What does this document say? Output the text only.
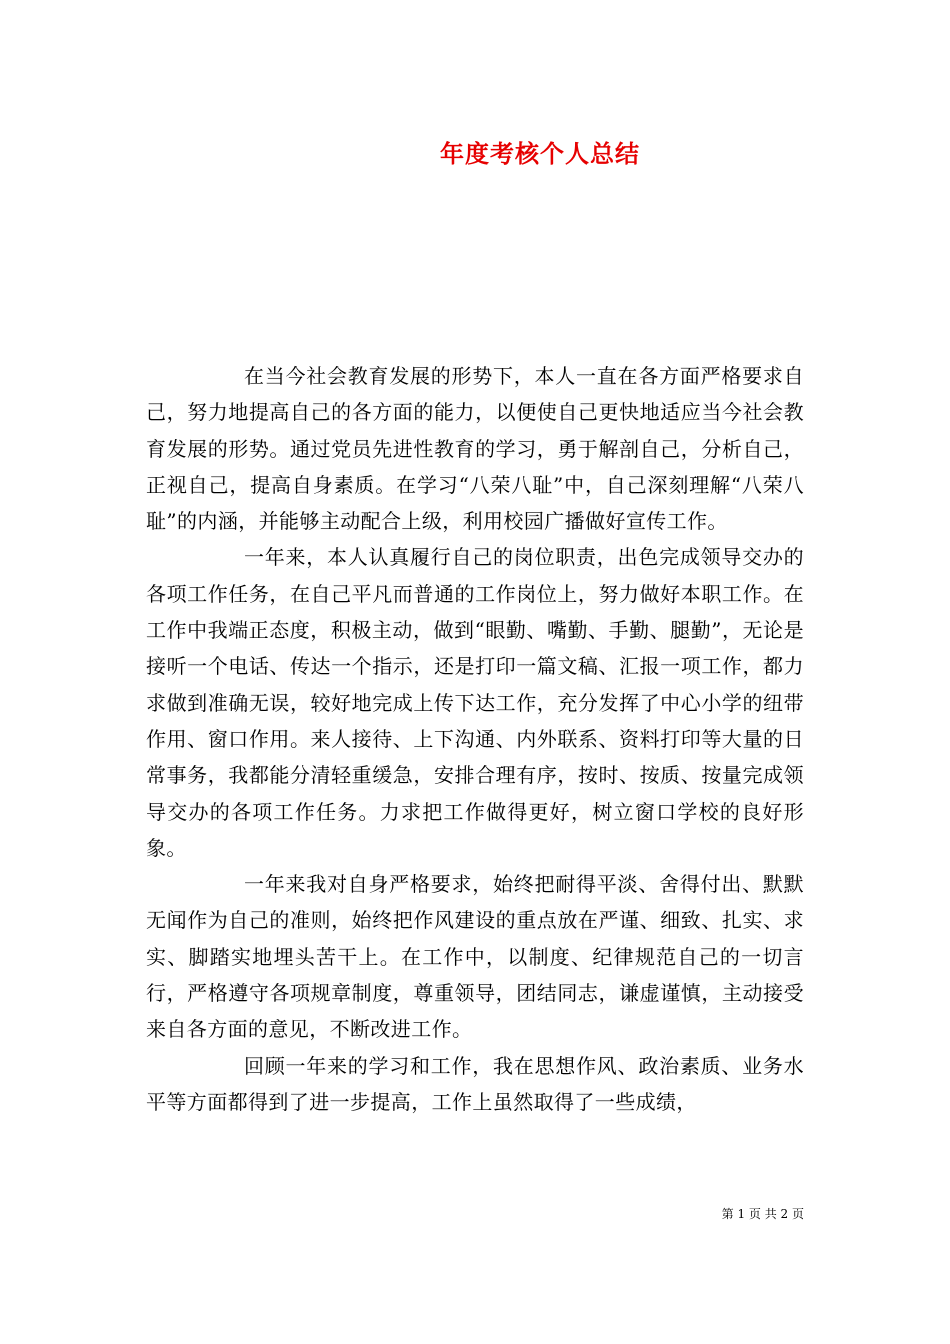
年度考核个人总结

在当今社会教育发展的形势下，本人一直在各方面严格要求自己，努力地提高自己的各方面的能力，以便使自己更快地适应当今社会教育发展的形势。通过党员先进性教育的学习，勇于解剖自己，分析自己，正视自己，提高自身素质。在学习“八荣八耻”中，自己深刻理解“八荣八耻”的内涵，并能够主动配合上级，利用校园广播做好宣传工作。

一年来，本人认真履行自己的岗位职责，出色完成领导交办的各项工作任务，在自己平凡而普通的工作岗位上，努力做好本职工作。在工作中我端正态度，积极主动，做到“眼勤、嘴勤、手勤、腿勤”，无论是接听一个电话、传达一个指示，还是打印一篇文稿、汇报一项工作，都力求做到准确无误，较好地完成上传下达工作，充分发挥了中心小学的纽带作用、窗口作用。来人接待、上下沟通、内外联系、资料打印等大量的日常事务，我都能分清轻重缓急，安排合理有序，按时、按质、按量完成领导交办的各项工作任务。力求把工作做得更好，树立窗口学校的良好形象。

一年来我对自身严格要求，始终把耐得平淡、舍得付出、默默无闻作为自己的准则，始终把作风建设的重点放在严谨、细致、扎实、求实、脚踏实地埋头苦干上。在工作中，以制度、纪律规范自己的一切言行，严格遵守各项规章制度，尊重领导，团结同志，谦虚谨慎，主动接受来自各方面的意见，不断改进工作。

回顾一年来的学习和工作，我在思想作风、政治素质、业务水平等方面都得到了进一步提高，工作上虽然取得了一些成绩，

第 1 页 共 2 页
